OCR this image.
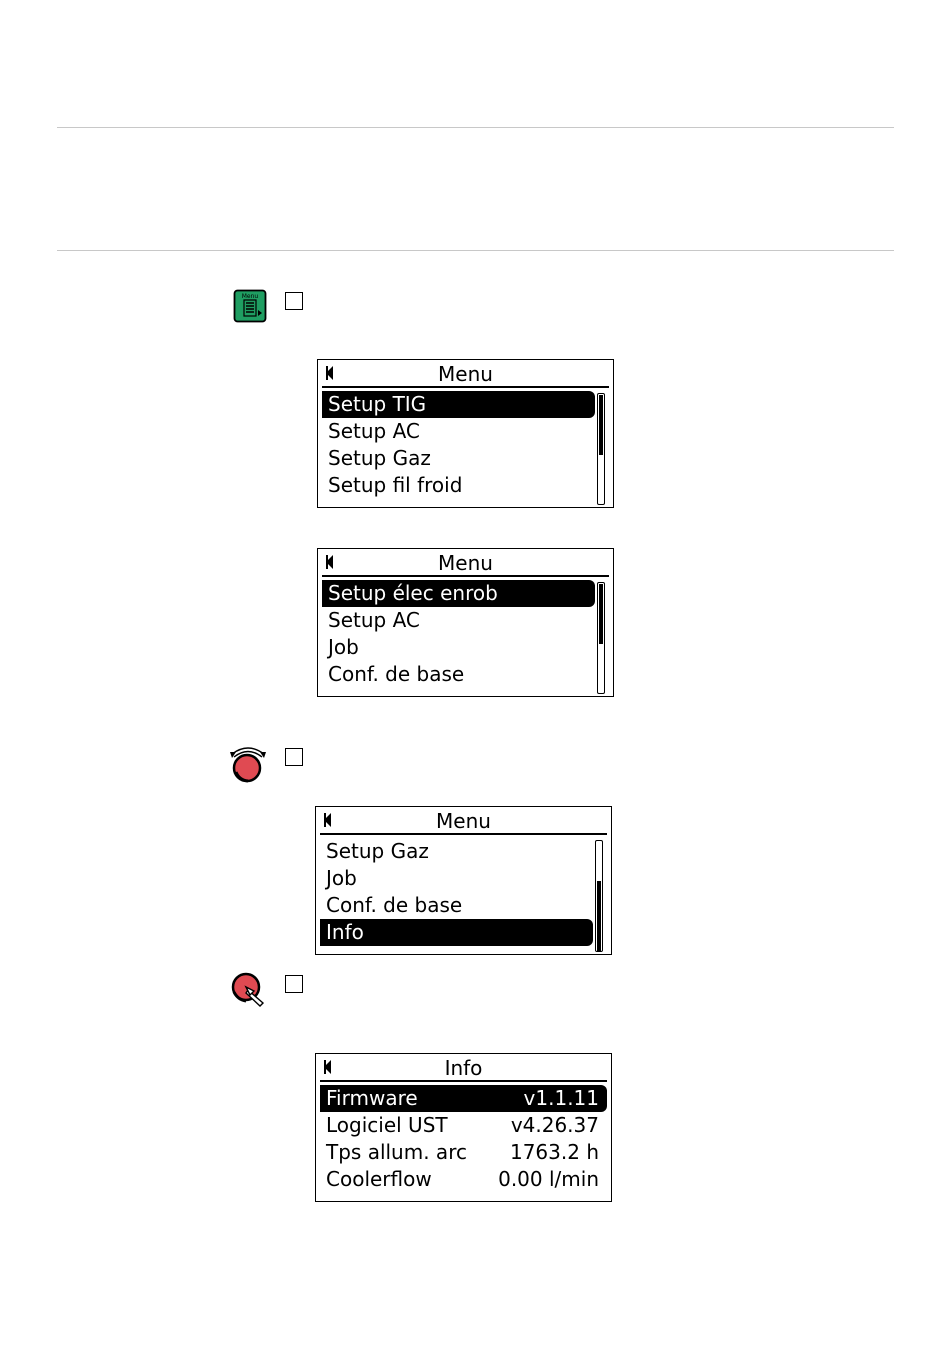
Menu
Menu
Setup TIG
Setup AC
Setup Gaz
Setup fil froid
Menu
Setup élec enrob
Setup AC
Job
Conf. de base
Menu
Setup Gaz
Job
Conf. de base
Info
Info
Firmware	v1.1.11
Logiciel UST	v4.26.37
Tps allum. arc 1763.2 h
Coolerflow	0.00 l/min
